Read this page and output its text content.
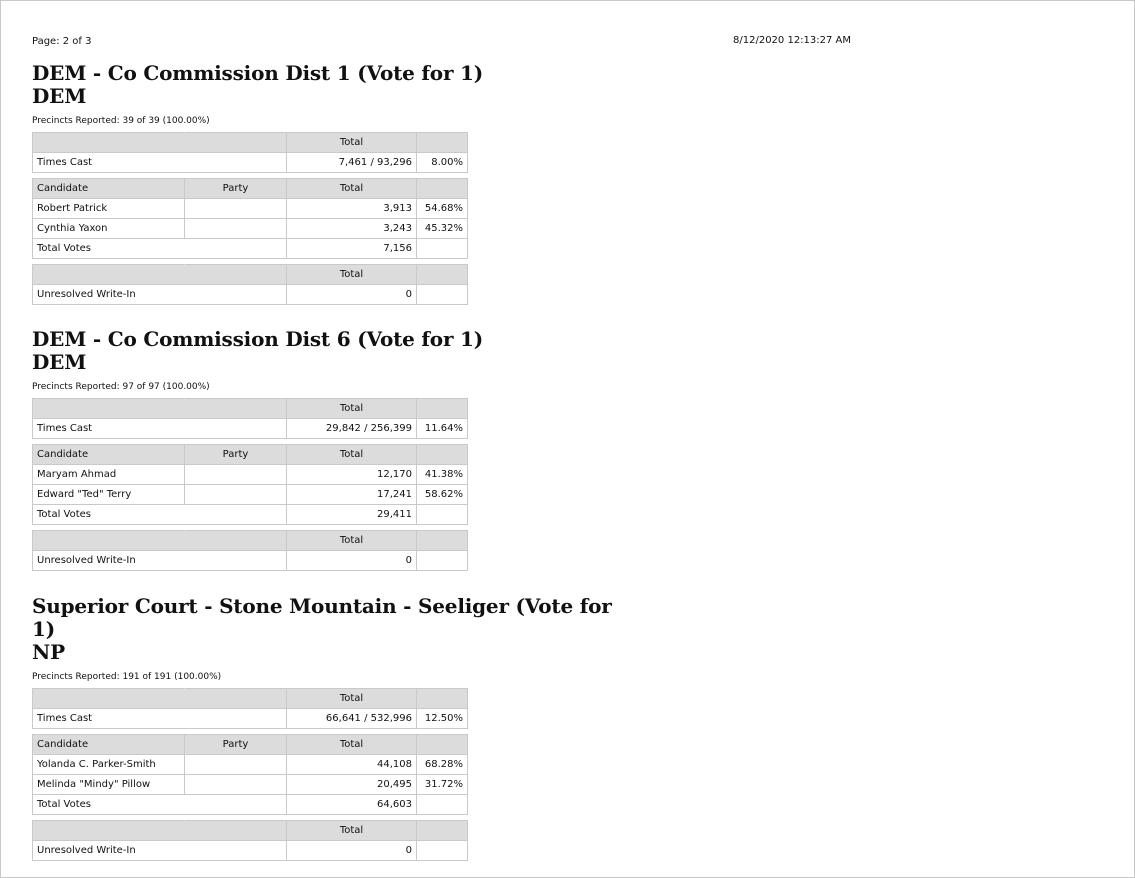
Page: 2 of 3	8/12/2020 12:13:27 AM
DEM - Co Commission Dist 1 (Vote for 1)
DEM
Precincts Reported: 39 of 39 (100.00%)
		Total	
Times Cast		7,461 / 93,296	8.00%

Candidate	Party	Total	
Robert Patrick		3,913	54.68%
Cynthia Yaxon		3,243	45.32%
Total Votes		7,156	

		Total	
Unresolved Write-In		0	
DEM - Co Commission Dist 6 (Vote for 1)
DEM
Precincts Reported: 97 of 97 (100.00%)
		Total	
Times Cast		29,842 / 256,399	11.64%

Candidate	Party	Total	
Maryam Ahmad		12,170	41.38%
Edward "Ted" Terry		17,241	58.62%
Total Votes		29,411	

		Total	
Unresolved Write-In		0	
Superior Court - Stone Mountain - Seeliger (Vote for 1)
NP
Precincts Reported: 191 of 191 (100.00%)
		Total	
Times Cast		66,641 / 532,996	12.50%

Candidate	Party	Total	
Yolanda C. Parker-Smith		44,108	68.28%
Melinda "Mindy" Pillow		20,495	31.72%
Total Votes		64,603	

		Total	
Unresolved Write-In		0	
